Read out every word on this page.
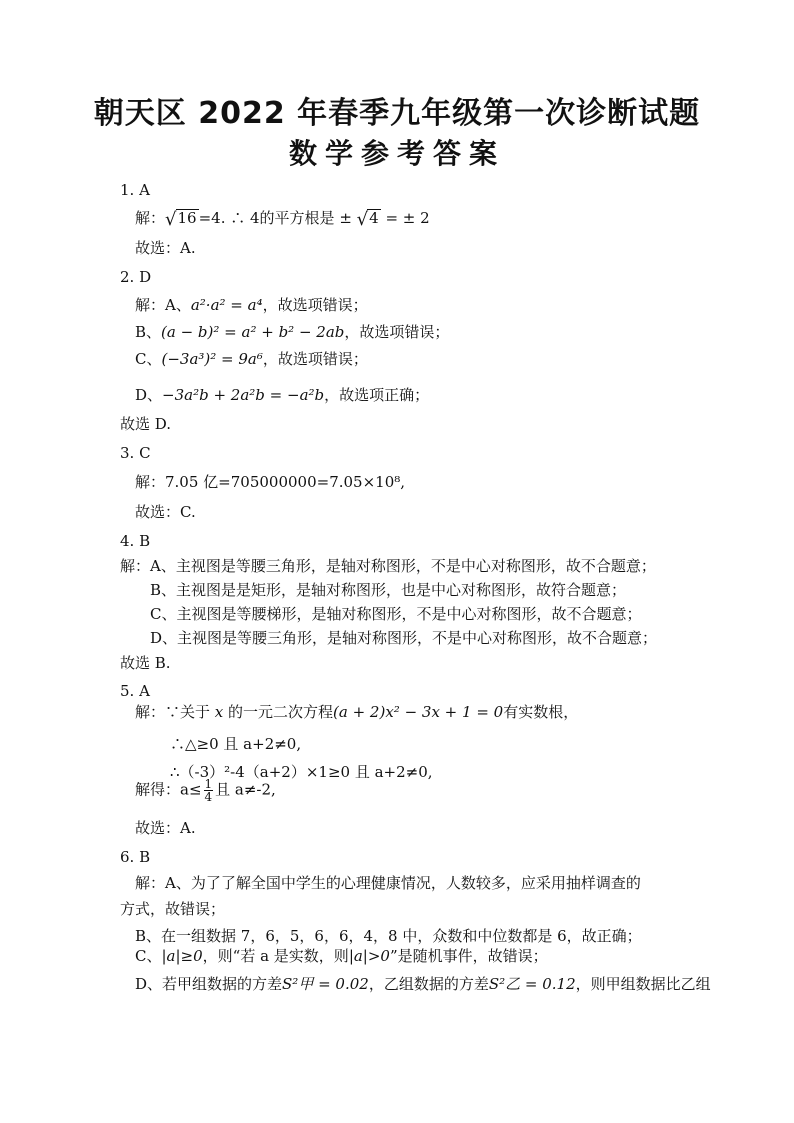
朝天区 2022 年春季九年级第一次诊断试题
数学参考答案
1. A
解：√16 =4. ∴ 4的平方根是 ± √4 = ± 2
故选：A.
2. D
解：A、a²·a² = a⁴，故选项错误；
B、(a − b)² = a² + b² − 2ab，故选项错误；
C、(−3a³)² = 9a⁶，故选项错误；
D、−3a²b + 2a²b = −a²b，故选项正确；
故选 D.
3. C
解：7.05 亿=705000000=7.05×10⁸,
故选：C.
4. B
解：A、主视图是等腰三角形，是轴对称图形，不是中心对称图形，故不合题意；
B、主视图是是矩形，是轴对称图形，也是中心对称图形，故符合题意；
C、主视图是等腰梯形，是轴对称图形，不是中心对称图形，故不合题意；
D、主视图是等腰三角形，是轴对称图形，不是中心对称图形，故不合题意；
故选 B.
5. A
解：∵关于 x 的一元二次方程(a + 2)x² − 3x + 1 = 0有实数根，
∴△≥0 且 a+2≠0,
∴（-3）²-4（a+2）×1≥0 且 a+2≠0,
解得：$a\le \frac{1}{4}$ 且 a≠-2,
故选：A.
6. B
解：A、为了了解全国中学生的心理健康情况，人数较多，应采用抽样调查的
方式，故错误；
B、在一组数据 7，6，5，6，6，4，8 中，众数和中位数都是 6，故正确；
C、|a|≥0，则“若 a 是实数，则|a|>0”是随机事件，故错误；
D、若甲组数据的方差S²甲 = 0.02，乙组数据的方差S²乙 = 0.12，则甲组数据比乙组
